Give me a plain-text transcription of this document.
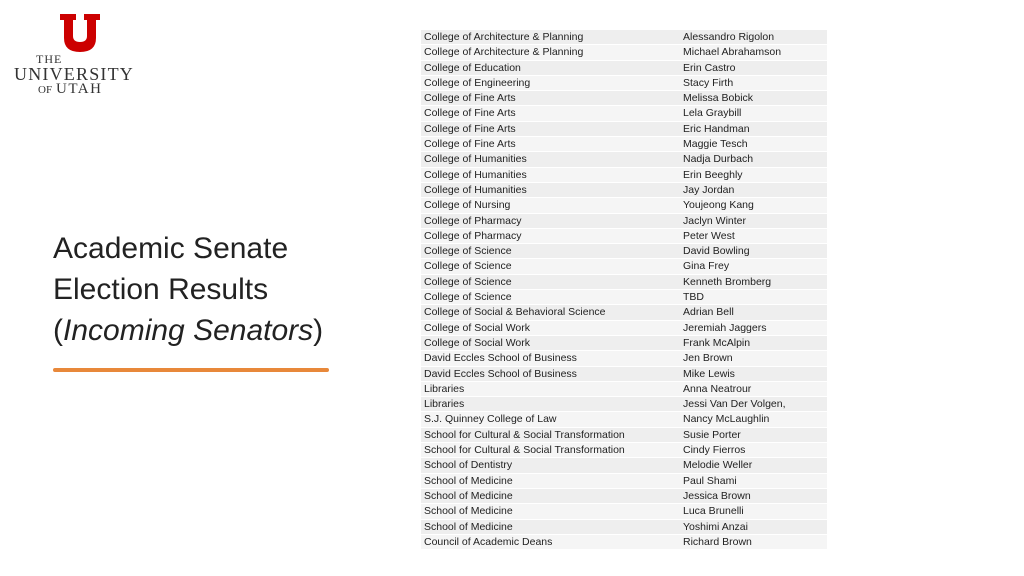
THE
UNIVERSITY
OF UTAH
Academic Senate
Election Results
(Incoming Senators)
College of Architecture & Planning	Alessandro Rigolon
College of Architecture & Planning	Michael Abrahamson
College of Education	Erin Castro
College of Engineering	Stacy Firth
College of Fine Arts	Melissa Bobick
College of Fine Arts	Lela Graybill
College of Fine Arts	Eric Handman
College of Fine Arts	Maggie Tesch
College of Humanities	Nadja Durbach
College of Humanities	Erin Beeghly
College of Humanities	Jay Jordan
College of Nursing	Youjeong Kang
College of Pharmacy	Jaclyn Winter
College of Pharmacy	Peter West
College of Science	David Bowling
College of Science	Gina Frey
College of Science	Kenneth Bromberg
College of Science	TBD
College of Social & Behavioral Science	Adrian Bell
College of Social Work	Jeremiah Jaggers
College of Social Work	Frank McAlpin
David Eccles School of Business	Jen Brown
David Eccles School of Business	Mike Lewis
Libraries	Anna Neatrour
Libraries	Jessi Van Der Volgen,
S.J. Quinney College of Law	Nancy McLaughlin
School for Cultural & Social Transformation	Susie Porter
School for Cultural & Social Transformation	Cindy Fierros
School of Dentistry	Melodie Weller
School of Medicine	Paul Shami
School of Medicine	Jessica Brown
School of Medicine	Luca Brunelli
School of Medicine	Yoshimi Anzai
Council of Academic Deans	Richard Brown
